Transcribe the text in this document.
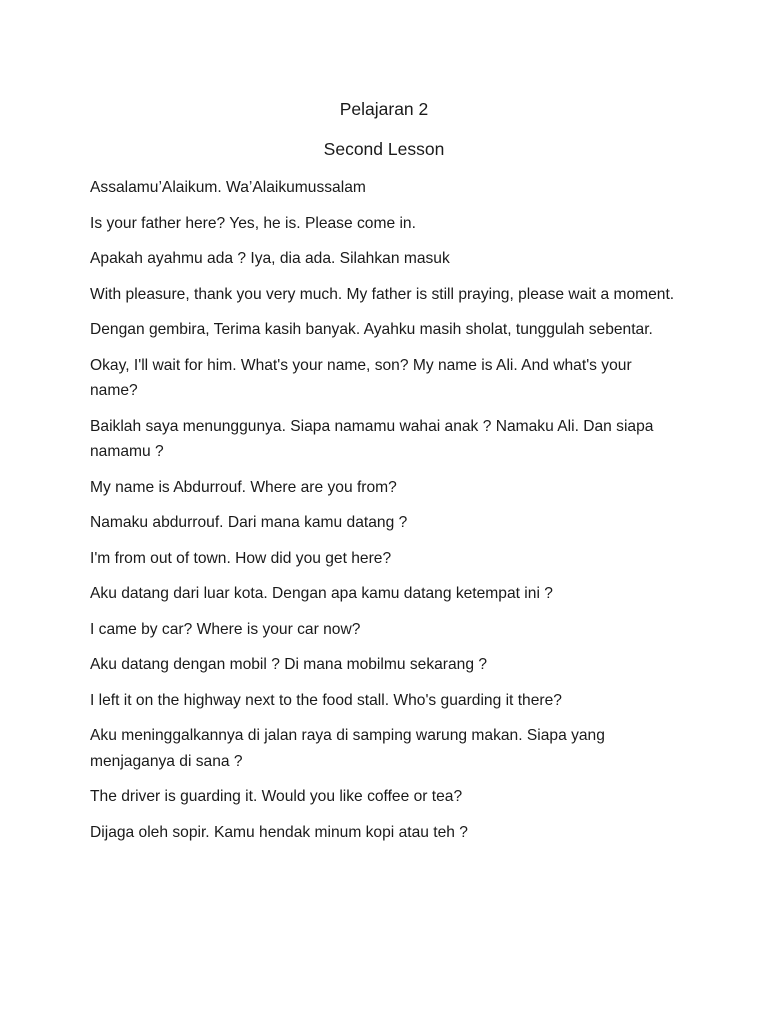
Pelajaran 2
Second Lesson

Assalamu’Alaikum. Wa’Alaikumussalam

Is your father here? Yes, he is. Please come in.

Apakah ayahmu ada ? Iya, dia ada. Silahkan masuk

With pleasure, thank you very much. My father is still praying, please wait a moment.

Dengan gembira, Terima kasih banyak. Ayahku masih sholat, tunggulah sebentar.

Okay, I'll wait for him. What's your name, son? My name is Ali. And what's your name?

Baiklah saya menunggunya. Siapa namamu wahai anak ? Namaku Ali. Dan siapa namamu ?

My name is Abdurrouf. Where are you from?

Namaku abdurrouf. Dari mana kamu datang ?

I'm from out of town. How did you get here?

Aku datang dari luar kota. Dengan apa kamu datang ketempat ini ?

I came by car? Where is your car now?

Aku datang dengan mobil ? Di mana mobilmu sekarang ?

I left it on the highway next to the food stall. Who's guarding it there?

Aku meninggalkannya di jalan raya di samping warung makan. Siapa yang menjaganya di sana ?

The driver is guarding it. Would you like coffee or tea?

Dijaga oleh sopir. Kamu hendak minum kopi atau teh ?
